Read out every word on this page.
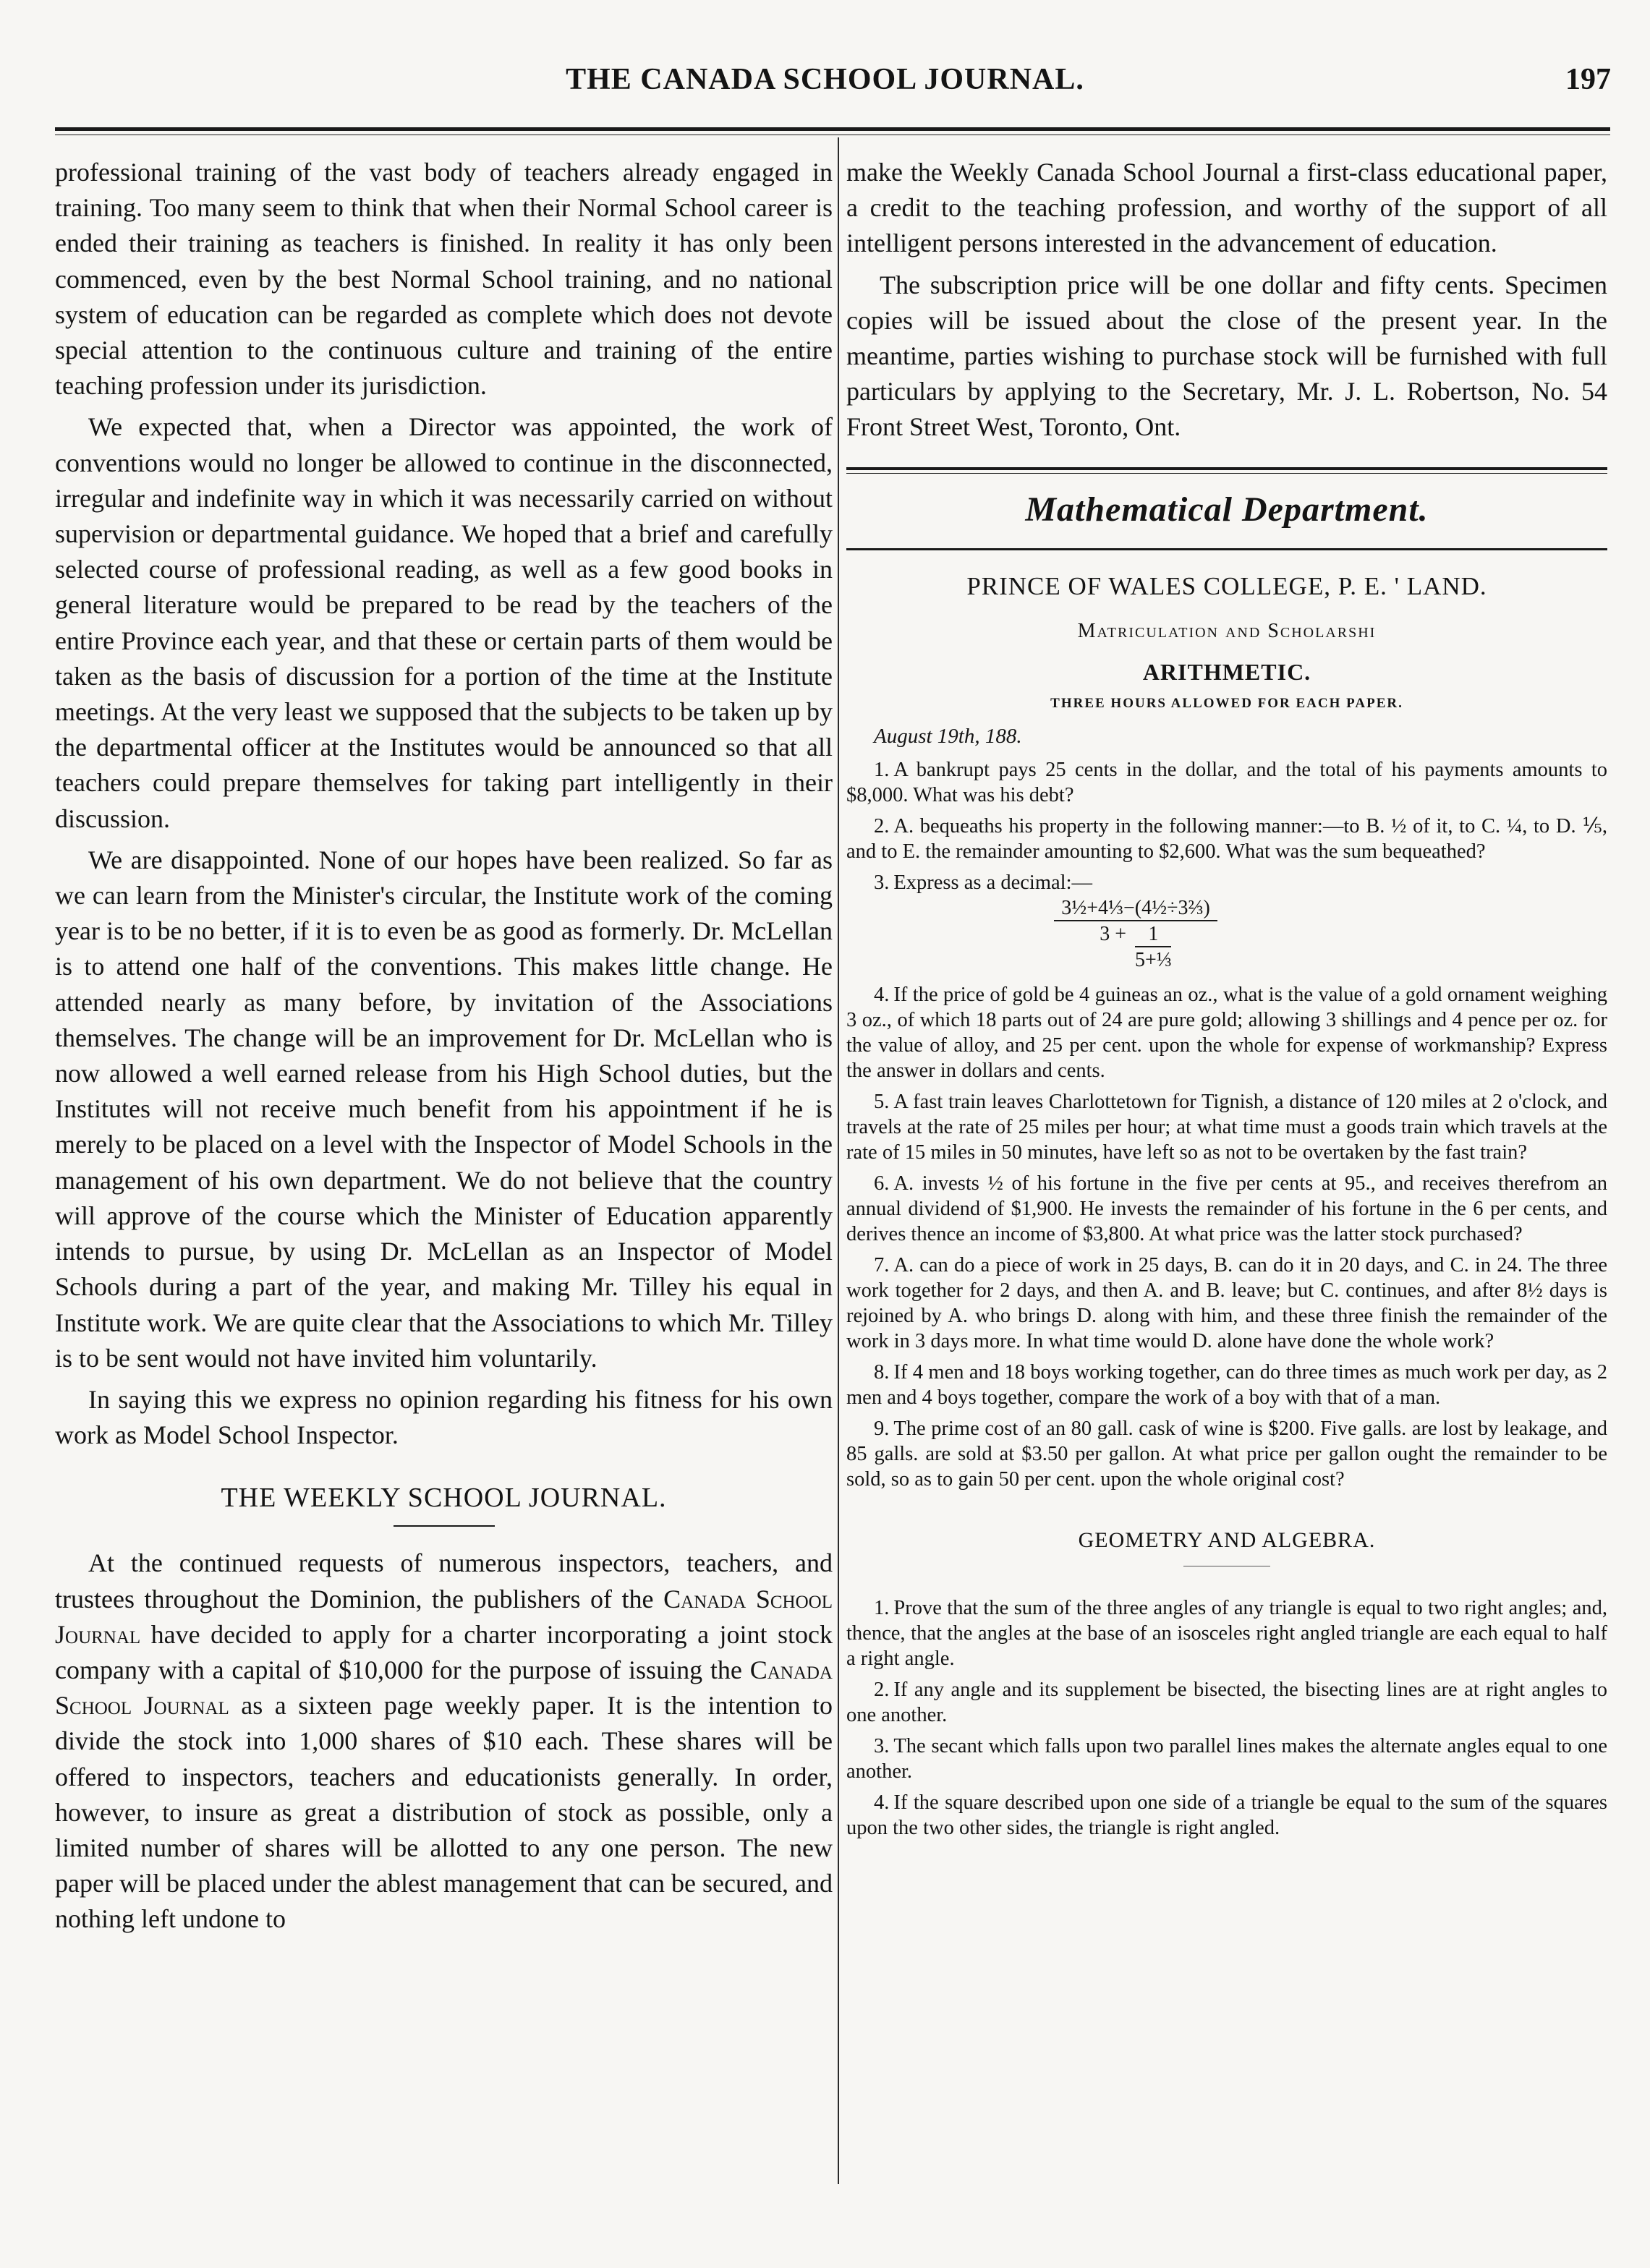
THE CANADA SCHOOL JOURNAL.	197

professional training of the vast body of teachers already engaged in training. Too many seem to think that when their Normal School career is ended their training as teachers is finished. In reality it has only been commenced, even by the best Normal School training, and no national system of education can be regarded as complete which does not devote special attention to the continuous culture and training of the entire teaching profession under its jurisdiction.

We expected that, when a Director was appointed, the work of conventions would no longer be allowed to continue in the disconnected, irregular and indefinite way in which it was necessarily carried on without supervision or departmental guidance. We hoped that a brief and carefully selected course of professional reading, as well as a few good books in general literature would be prepared to be read by the teachers of the entire Province each year, and that these or certain parts of them would be taken as the basis of discussion for a portion of the time at the Institute meetings. At the very least we supposed that the subjects to be taken up by the departmental officer at the Institutes would be announced so that all teachers could prepare themselves for taking part intelligently in their discussion.

We are disappointed. None of our hopes have been realized. So far as we can learn from the Minister's circular, the Institute work of the coming year is to be no better, if it is to even be as good as formerly. Dr. McLellan is to attend one half of the conventions. This makes little change. He attended nearly as many before, by invitation of the Associations themselves. The change will be an improvement for Dr. McLellan who is now allowed a well earned release from his High School duties, but the Institutes will not receive much benefit from his appointment if he is merely to be placed on a level with the Inspector of Model Schools in the management of his own department. We do not believe that the country will approve of the course which the Minister of Education apparently intends to pursue, by using Dr. McLellan as an Inspector of Model Schools during a part of the year, and making Mr. Tilley his equal in Institute work. We are quite clear that the Associations to which Mr. Tilley is to be sent would not have invited him voluntarily.

In saying this we express no opinion regarding his fitness for his own work as Model School Inspector.

THE WEEKLY SCHOOL JOURNAL.

At the continued requests of numerous inspectors, teachers, and trustees throughout the Dominion, the publishers of the Canada School Journal have decided to apply for a charter incorporating a joint stock company with a capital of $10,000 for the purpose of issuing the Canada School Journal as a sixteen page weekly paper. It is the intention to divide the stock into 1,000 shares of $10 each. These shares will be offered to inspectors, teachers and educationists generally. In order, however, to insure as great a distribution of stock as possible, only a limited number of shares will be allotted to any one person. The new paper will be placed under the ablest management that can be secured, and nothing left undone to

make the Weekly Canada School Journal a first-class educational paper, a credit to the teaching profession, and worthy of the support of all intelligent persons interested in the advancement of education.

The subscription price will be one dollar and fifty cents. Specimen copies will be issued about the close of the present year. In the meantime, parties wishing to purchase stock will be furnished with full particulars by applying to the Secretary, Mr. J. L. Robertson, No. 54 Front Street West, Toronto, Ont.

Mathematical Department.
PRINCE OF WALES COLLEGE, P. E. ' LAND.
Matriculation and Scholarshi
ARITHMETIC.
THREE HOURS ALLOWED FOR EACH PAPER.
August 19th, 188.

1. A bankrupt pays 25 cents in the dollar, and the total of his payments amounts to $8,000. What was his debt?

2. A. bequeaths his property in the following manner:—to B. ½ of it, to C. ¼, to D. ⅕, and to E. the remainder amounting to $2,600. What was the sum bequeathed?

3. Express as a decimal:—

3½+4⅓−(4½÷3⅔)
$3 + \frac{1}{\text{5+⅓}}$

4. If the price of gold be 4 guineas an oz., what is the value of a gold ornament weighing 3 oz., of which 18 parts out of 24 are pure gold; allowing 3 shillings and 4 pence per oz. for the value of alloy, and 25 per cent. upon the whole for expense of workmanship? Express the answer in dollars and cents.

5. A fast train leaves Charlottetown for Tignish, a distance of 120 miles at 2 o'clock, and travels at the rate of 25 miles per hour; at what time must a goods train which travels at the rate of 15 miles in 50 minutes, have left so as not to be overtaken by the fast train?

6. A. invests ½ of his fortune in the five per cents at 95., and receives therefrom an annual dividend of $1,900. He invests the remainder of his fortune in the 6 per cents, and derives thence an income of $3,800. At what price was the latter stock purchased?

7. A. can do a piece of work in 25 days, B. can do it in 20 days, and C. in 24. The three work together for 2 days, and then A. and B. leave; but C. continues, and after 8½ days is rejoined by A. who brings D. along with him, and these three finish the remainder of the work in 3 days more. In what time would D. alone have done the whole work?

8. If 4 men and 18 boys working together, can do three times as much work per day, as 2 men and 4 boys together, compare the work of a boy with that of a man.

9. The prime cost of an 80 gall. cask of wine is $200. Five galls. are lost by leakage, and 85 galls. are sold at $3.50 per gallon. At what price per gallon ought the remainder to be sold, so as to gain 50 per cent. upon the whole original cost?

GEOMETRY AND ALGEBRA.

1. Prove that the sum of the three angles of any triangle is equal to two right angles; and, thence, that the angles at the base of an isosceles right angled triangle are each equal to half a right angle.

2. If any angle and its supplement be bisected, the bisecting lines are at right angles to one another.

3. The secant which falls upon two parallel lines makes the alternate angles equal to one another.

4. If the square described upon one side of a triangle be equal to the sum of the squares upon the two other sides, the triangle is right angled.
